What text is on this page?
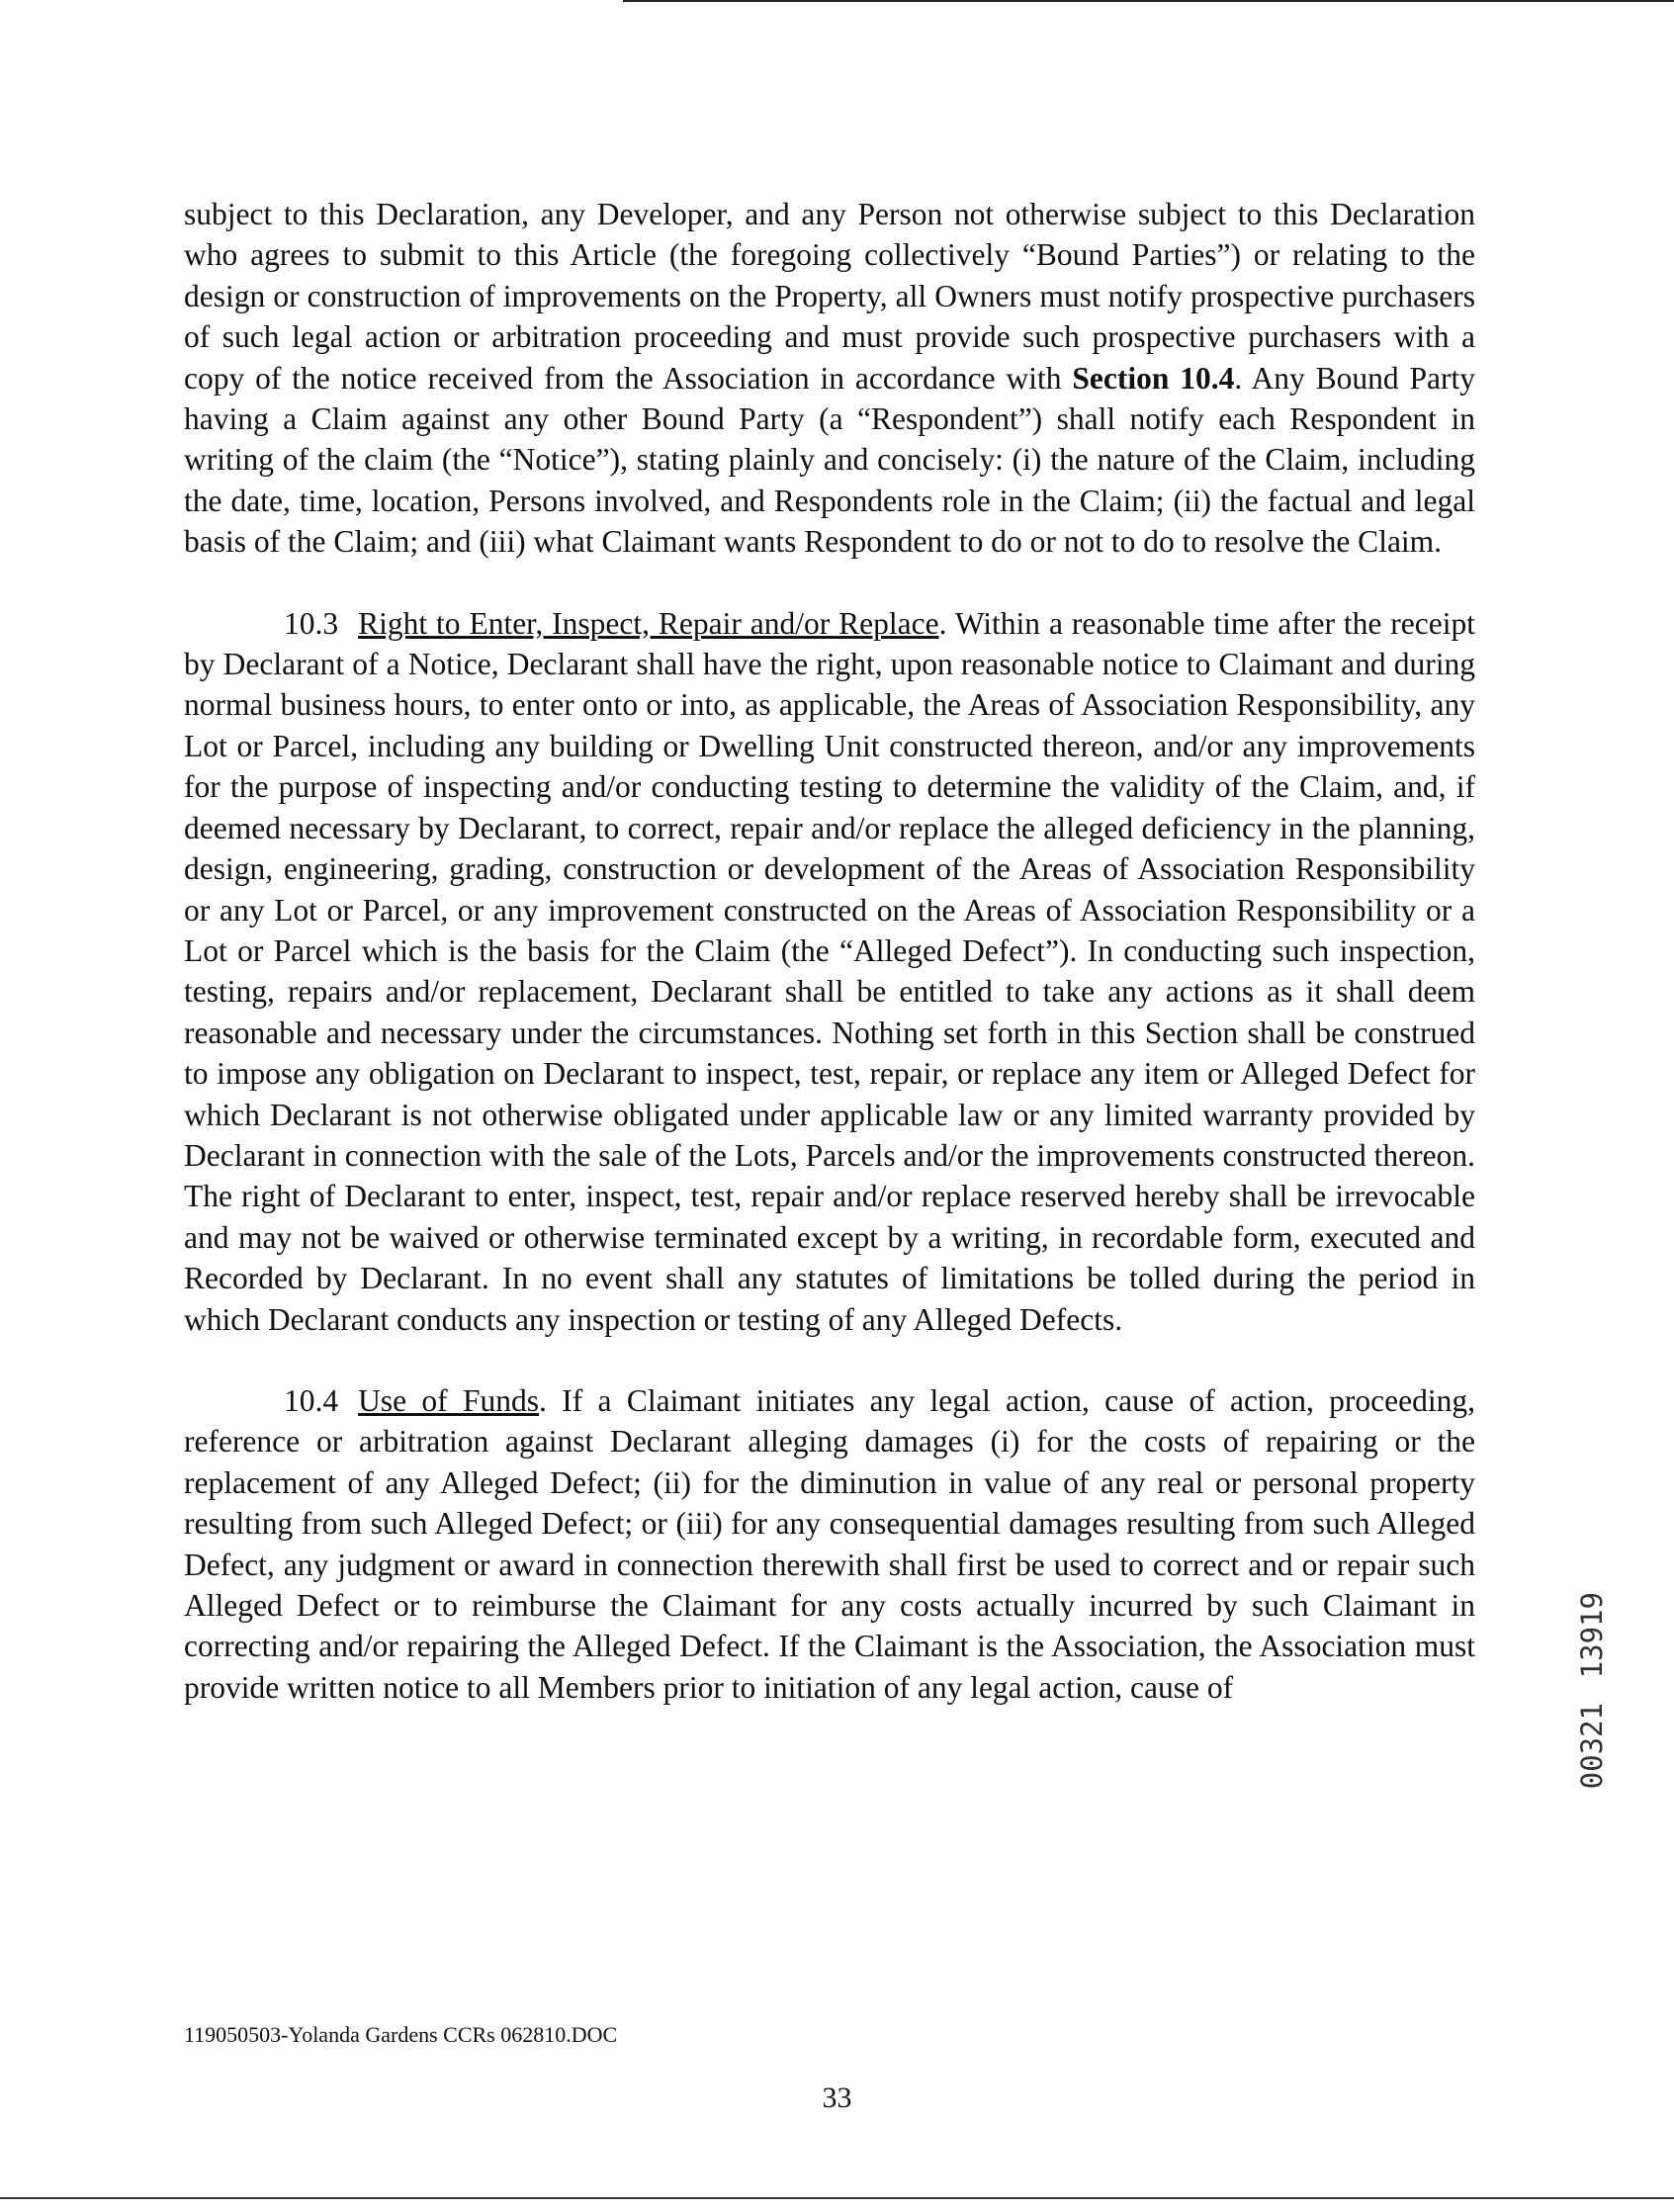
subject to this Declaration, any Developer, and any Person not otherwise subject to this Declaration who agrees to submit to this Article (the foregoing collectively “Bound Parties”) or relating to the design or construction of improvements on the Property, all Owners must notify prospective purchasers of such legal action or arbitration proceeding and must provide such prospective purchasers with a copy of the notice received from the Association in accordance with Section 10.4. Any Bound Party having a Claim against any other Bound Party (a “Respondent”) shall notify each Respondent in writing of the claim (the “Notice”), stating plainly and concisely: (i) the nature of the Claim, including the date, time, location, Persons involved, and Respondents role in the Claim; (ii) the factual and legal basis of the Claim; and (iii) what Claimant wants Respondent to do or not to do to resolve the Claim.

10.3 Right to Enter, Inspect, Repair and/or Replace. Within a reasonable time after the receipt by Declarant of a Notice, Declarant shall have the right, upon reasonable notice to Claimant and during normal business hours, to enter onto or into, as applicable, the Areas of Association Responsibility, any Lot or Parcel, including any building or Dwelling Unit constructed thereon, and/or any improvements for the purpose of inspecting and/or conducting testing to determine the validity of the Claim, and, if deemed necessary by Declarant, to correct, repair and/or replace the alleged deficiency in the planning, design, engineering, grading, construction or development of the Areas of Association Responsibility or any Lot or Parcel, or any improvement constructed on the Areas of Association Responsibility or a Lot or Parcel which is the basis for the Claim (the “Alleged Defect”). In conducting such inspection, testing, repairs and/or replacement, Declarant shall be entitled to take any actions as it shall deem reasonable and necessary under the circumstances. Nothing set forth in this Section shall be construed to impose any obligation on Declarant to inspect, test, repair, or replace any item or Alleged Defect for which Declarant is not otherwise obligated under applicable law or any limited warranty provided by Declarant in connection with the sale of the Lots, Parcels and/or the improvements constructed thereon. The right of Declarant to enter, inspect, test, repair and/or replace reserved hereby shall be irrevocable and may not be waived or otherwise terminated except by a writing, in recordable form, executed and Recorded by Declarant. In no event shall any statutes of limitations be tolled during the period in which Declarant conducts any inspection or testing of any Alleged Defects.

10.4 Use of Funds. If a Claimant initiates any legal action, cause of action, proceeding, reference or arbitration against Declarant alleging damages (i) for the costs of repairing or the replacement of any Alleged Defect; (ii) for the diminution in value of any real or personal property resulting from such Alleged Defect; or (iii) for any consequential damages resulting from such Alleged Defect, any judgment or award in connection therewith shall first be used to correct and or repair such Alleged Defect or to reimburse the Claimant for any costs actually incurred by such Claimant in correcting and/or repairing the Alleged Defect. If the Claimant is the Association, the Association must provide written notice to all Members prior to initiation of any legal action, cause of

13919
00321
119050503-Yolanda Gardens CCRs 062810.DOC
33
